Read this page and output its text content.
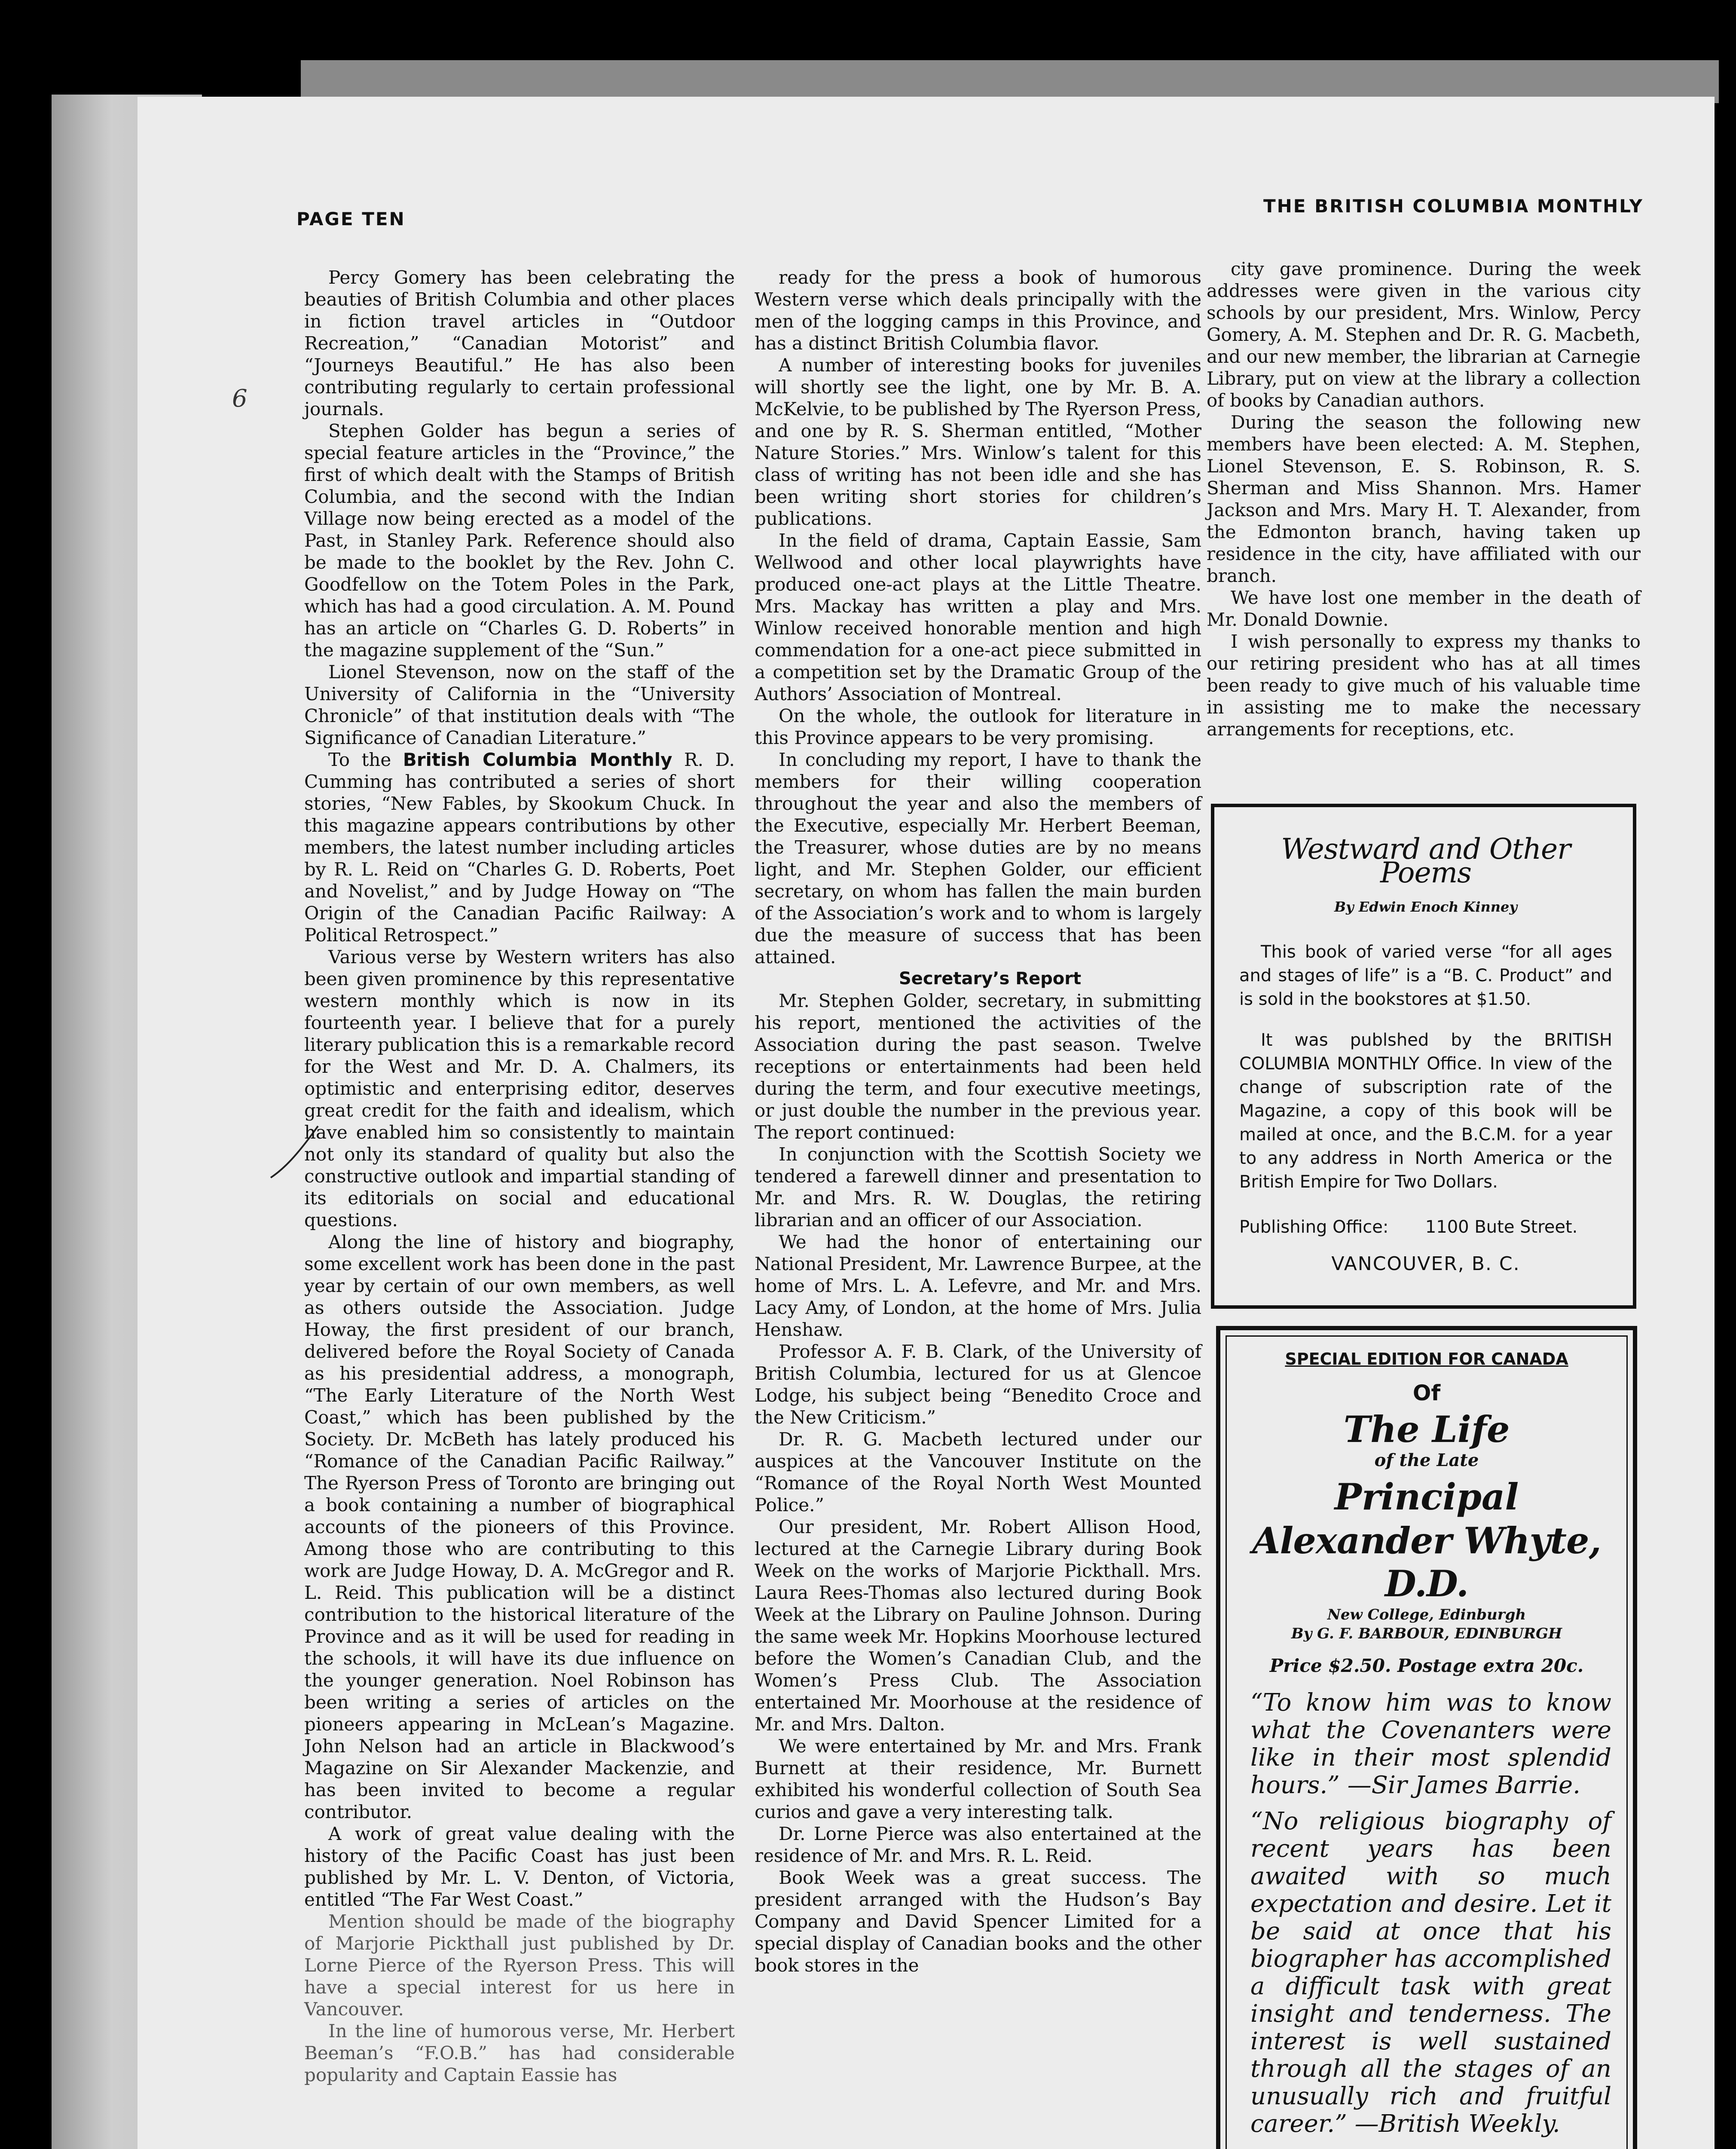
PAGE TEN
THE BRITISH COLUMBIA MONTHLY
6

Percy Gomery has been celebrating the beauties of British Columbia and other places in fiction travel articles in “Outdoor Recreation,” “Canadian Motorist” and “Journeys Beautiful.” He has also been contributing regularly to certain professional journals.

Stephen Golder has begun a series of special feature articles in the “Province,” the first of which dealt with the Stamps of British Columbia, and the second with the Indian Village now being erected as a model of the Past, in Stanley Park. Reference should also be made to the booklet by the Rev. John C. Goodfellow on the Totem Poles in the Park, which has had a good circulation. A. M. Pound has an article on “Charles G. D. Roberts” in the magazine supplement of the “Sun.”

Lionel Stevenson, now on the staff of the University of California in the “University Chronicle” of that institution deals with “The Significance of Canadian Literature.”

To the British Columbia Monthly R. D. Cumming has contributed a series of short stories, “New Fables, by Skookum Chuck. In this magazine appears contributions by other members, the latest number including articles by R. L. Reid on “Charles G. D. Roberts, Poet and Novelist,” and by Judge Howay on “The Origin of the Canadian Pacific Railway: A Political Retrospect.”

Various verse by Western writers has also been given prominence by this representative western monthly which is now in its fourteenth year. I believe that for a purely literary publication this is a remarkable record for the West and Mr. D. A. Chalmers, its optimistic and enterprising editor, deserves great credit for the faith and idealism, which have enabled him so consistently to maintain not only its standard of quality but also the constructive outlook and impartial standing of its editorials on social and educational questions.

Along the line of history and biography, some excellent work has been done in the past year by certain of our own members, as well as others outside the Association. Judge Howay, the first president of our branch, delivered before the Royal Society of Canada as his presidential address, a monograph, “The Early Literature of the North West Coast,” which has been published by the Society. Dr. McBeth has lately produced his “Romance of the Canadian Pacific Railway.” The Ryerson Press of Toronto are bringing out a book containing a number of biographical accounts of the pioneers of this Province. Among those who are contributing to this work are Judge Howay, D. A. McGregor and R. L. Reid. This publication will be a distinct contribution to the historical literature of the Province and as it will be used for reading in the schools, it will have its due influence on the younger generation. Noel Robinson has been writing a series of articles on the pioneers appearing in McLean’s Magazine. John Nelson had an article in Blackwood’s Magazine on Sir Alexander Mackenzie, and has been invited to become a regular contributor.

A work of great value dealing with the history of the Pacific Coast has just been published by Mr. L. V. Denton, of Victoria, entitled “The Far West Coast.”

Mention should be made of the biography of Marjorie Pickthall just published by Dr. Lorne Pierce of the Ryerson Press. This will have a special interest for us here in Vancouver.

In the line of humorous verse, Mr. Herbert Beeman’s “F.O.B.” has had considerable popularity and Captain Eassie has

ready for the press a book of humorous Western verse which deals principally with the men of the logging camps in this Province, and has a distinct British Columbia flavor.

A number of interesting books for juveniles will shortly see the light, one by Mr. B. A. McKelvie, to be published by The Ryerson Press, and one by R. S. Sherman entitled, “Mother Nature Stories.” Mrs. Winlow’s talent for this class of writing has not been idle and she has been writing short stories for children’s publications.

In the field of drama, Captain Eassie, Sam Wellwood and other local playwrights have produced one-act plays at the Little Theatre. Mrs. Mackay has written a play and Mrs. Winlow received honorable mention and high commendation for a one-act piece submitted in a competition set by the Dramatic Group of the Authors’ Association of Montreal.

On the whole, the outlook for literature in this Province appears to be very promising.

In concluding my report, I have to thank the members for their willing cooperation throughout the year and also the members of the Executive, especially Mr. Herbert Beeman, the Treasurer, whose duties are by no means light, and Mr. Stephen Golder, our efficient secretary, on whom has fallen the main burden of the Association’s work and to whom is largely due the measure of success that has been attained.

Secretary’s Report

Mr. Stephen Golder, secretary, in submitting his report, mentioned the activities of the Association during the past season. Twelve receptions or entertainments had been held during the term, and four executive meetings, or just double the number in the previous year. The report continued:

In conjunction with the Scottish Society we tendered a farewell dinner and presentation to Mr. and Mrs. R. W. Douglas, the retiring librarian and an officer of our Association.

We had the honor of entertaining our National President, Mr. Lawrence Burpee, at the home of Mrs. L. A. Lefevre, and Mr. and Mrs. Lacy Amy, of London, at the home of Mrs. Julia Henshaw.

Professor A. F. B. Clark, of the University of British Columbia, lectured for us at Glencoe Lodge, his subject being “Benedito Croce and the New Criticism.”

Dr. R. G. Macbeth lectured under our auspices at the Vancouver Institute on the “Romance of the Royal North West Mounted Police.”

Our president, Mr. Robert Allison Hood, lectured at the Carnegie Library during Book Week on the works of Marjorie Pickthall. Mrs. Laura Rees-Thomas also lectured during Book Week at the Library on Pauline Johnson. During the same week Mr. Hopkins Moorhouse lectured before the Women’s Canadian Club, and the Women’s Press Club. The Association entertained Mr. Moorhouse at the residence of Mr. and Mrs. Dalton.

We were entertained by Mr. and Mrs. Frank Burnett at their residence, Mr. Burnett exhibited his wonderful collection of South Sea curios and gave a very interesting talk.

Dr. Lorne Pierce was also entertained at the residence of Mr. and Mrs. R. L. Reid.

Book Week was a great success. The president arranged with the Hudson’s Bay Company and David Spencer Limited for a special display of Canadian books and the other book stores in the

city gave prominence. During the week addresses were given in the various city schools by our president, Mrs. Winlow, Percy Gomery, A. M. Stephen and Dr. R. G. Macbeth, and our new member, the librarian at Carnegie Library, put on view at the library a collection of books by Canadian authors.

During the season the following new members have been elected: A. M. Stephen, Lionel Stevenson, E. S. Robinson, R. S. Sherman and Miss Shannon. Mrs. Hamer Jackson and Mrs. Mary H. T. Alexander, from the Edmonton branch, having taken up residence in the city, have affiliated with our branch.

We have lost one member in the death of Mr. Donald Downie.

I wish personally to express my thanks to our retiring president who has at all times been ready to give much of his valuable time in assisting me to make the necessary arrangements for receptions, etc.

Westward and Other Poems
By Edwin Enoch Kinney

This book of varied verse “for all ages and stages of life” is a “B. C. Product” and is sold in the bookstores at $1.50.

It was publshed by the BRITISH COLUMBIA MONTHLY Office. In view of the change of subscription rate of the Magazine, a copy of this book will be mailed at once, and the B.C.M. for a year to any address in North America or the British Empire for Two Dollars.

Publishing Office: 1100 Bute Street.
VANCOUVER, B. C.
SPECIAL EDITION FOR CANADA
Of
The Life
of the Late
Principal
Alexander Whyte, D.D.
New College, Edinburgh
By G. F. BARBOUR, EDINBURGH
Price $2.50. Postage extra 20c.
“To know him was to know what the Covenanters were like in their most splendid hours.” —Sir James Barrie.
“No religious biography of recent years has been awaited with so much expectation and desire. Let it be said at once that his biographer has accomplished a difficult task with great insight and tenderness. The interest is well sustained through all the stages of an unusually rich and fruitful career.” —British Weekly.
